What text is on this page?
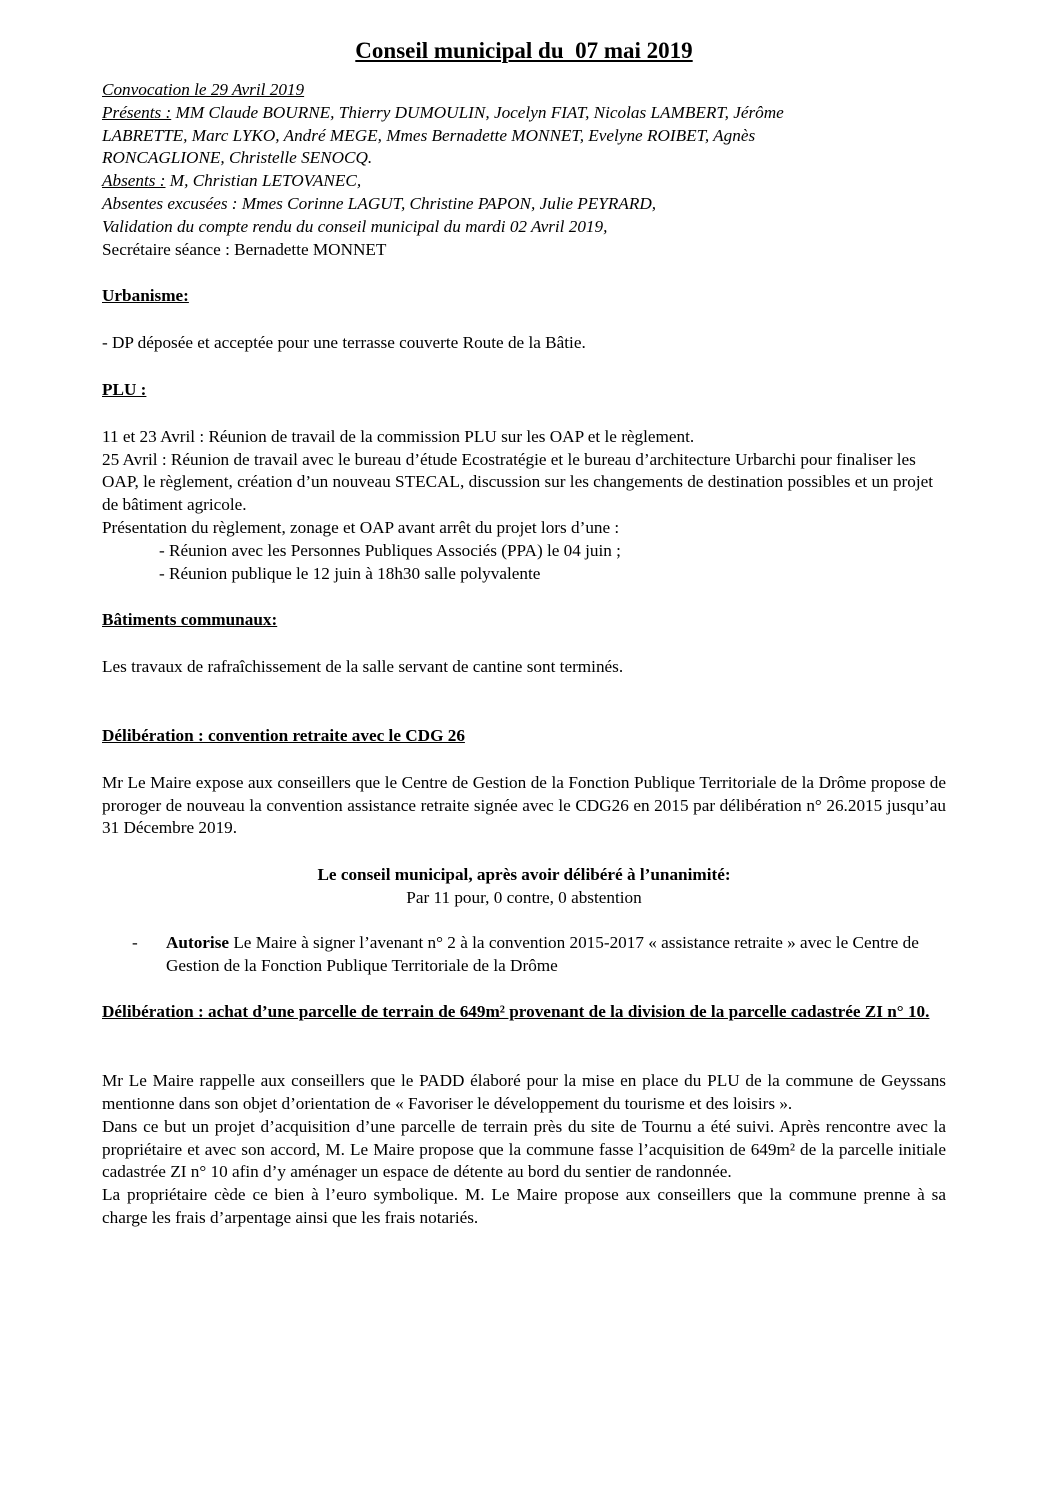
Conseil municipal du  07 mai 2019

Convocation le 29 Avril 2019

Présents : MM Claude BOURNE, Thierry DUMOULIN, Jocelyn FIAT, Nicolas LAMBERT, Jérôme

LABRETTE, Marc LYKO, André MEGE, Mmes Bernadette MONNET, Evelyne ROIBET, Agnès

RONCAGLIONE, Christelle SENOCQ.

Absents : M, Christian LETOVANEC,

Absentes excusées : Mmes Corinne LAGUT, Christine PAPON, Julie PEYRARD,

Validation du compte rendu du conseil municipal du mardi 02 Avril 2019,

Secrétaire séance : Bernadette MONNET

Urbanisme:

- DP déposée et acceptée pour une terrasse couverte Route de la Bâtie.

PLU :

11 et 23 Avril : Réunion de travail de la commission PLU sur les OAP et le règlement.

25 Avril : Réunion de travail avec le bureau d’étude Ecostratégie et le bureau d’architecture Urbarchi pour finaliser les OAP, le règlement, création d’un nouveau STECAL, discussion sur les changements de destination possibles et un projet de bâtiment agricole.

Présentation du règlement, zonage et OAP avant arrêt du projet lors d’une :

- Réunion avec les Personnes Publiques Associés (PPA) le 04 juin ;

- Réunion publique le 12 juin à 18h30 salle polyvalente

Bâtiments communaux:

Les travaux de rafraîchissement de la salle servant de cantine sont terminés.

Délibération : convention retraite avec le CDG 26

Mr Le Maire expose aux conseillers que le Centre de Gestion de la Fonction Publique Territoriale de la Drôme propose de proroger de nouveau la convention assistance retraite signée avec le CDG26 en 2015 par délibération n° 26.2015 jusqu’au 31 Décembre 2019.

Le conseil municipal, après avoir délibéré à l’unanimité:

Par 11 pour, 0 contre, 0 abstention

-	Autorise Le Maire à signer l’avenant n° 2 à la convention 2015-2017 « assistance retraite » avec le Centre de Gestion de la Fonction Publique Territoriale de la Drôme

Délibération : achat d’une parcelle de terrain de 649m² provenant de la division de la parcelle cadastrée ZI n° 10.

Mr Le Maire rappelle aux conseillers que le PADD élaboré pour la mise en place du PLU de la commune de Geyssans mentionne dans son objet d’orientation de « Favoriser le développement du tourisme et des loisirs ».

Dans ce but un projet d’acquisition d’une parcelle de terrain près du site de Tournu a été suivi. Après rencontre avec la propriétaire et avec son accord, M. Le Maire propose que la commune fasse l’acquisition de 649m² de la parcelle initiale cadastrée ZI n° 10 afin d’y aménager un espace de détente au bord du sentier de randonnée.

La propriétaire cède ce bien à l’euro symbolique. M. Le Maire propose aux conseillers que la commune prenne à sa charge les frais d’arpentage ainsi que les frais notariés.
